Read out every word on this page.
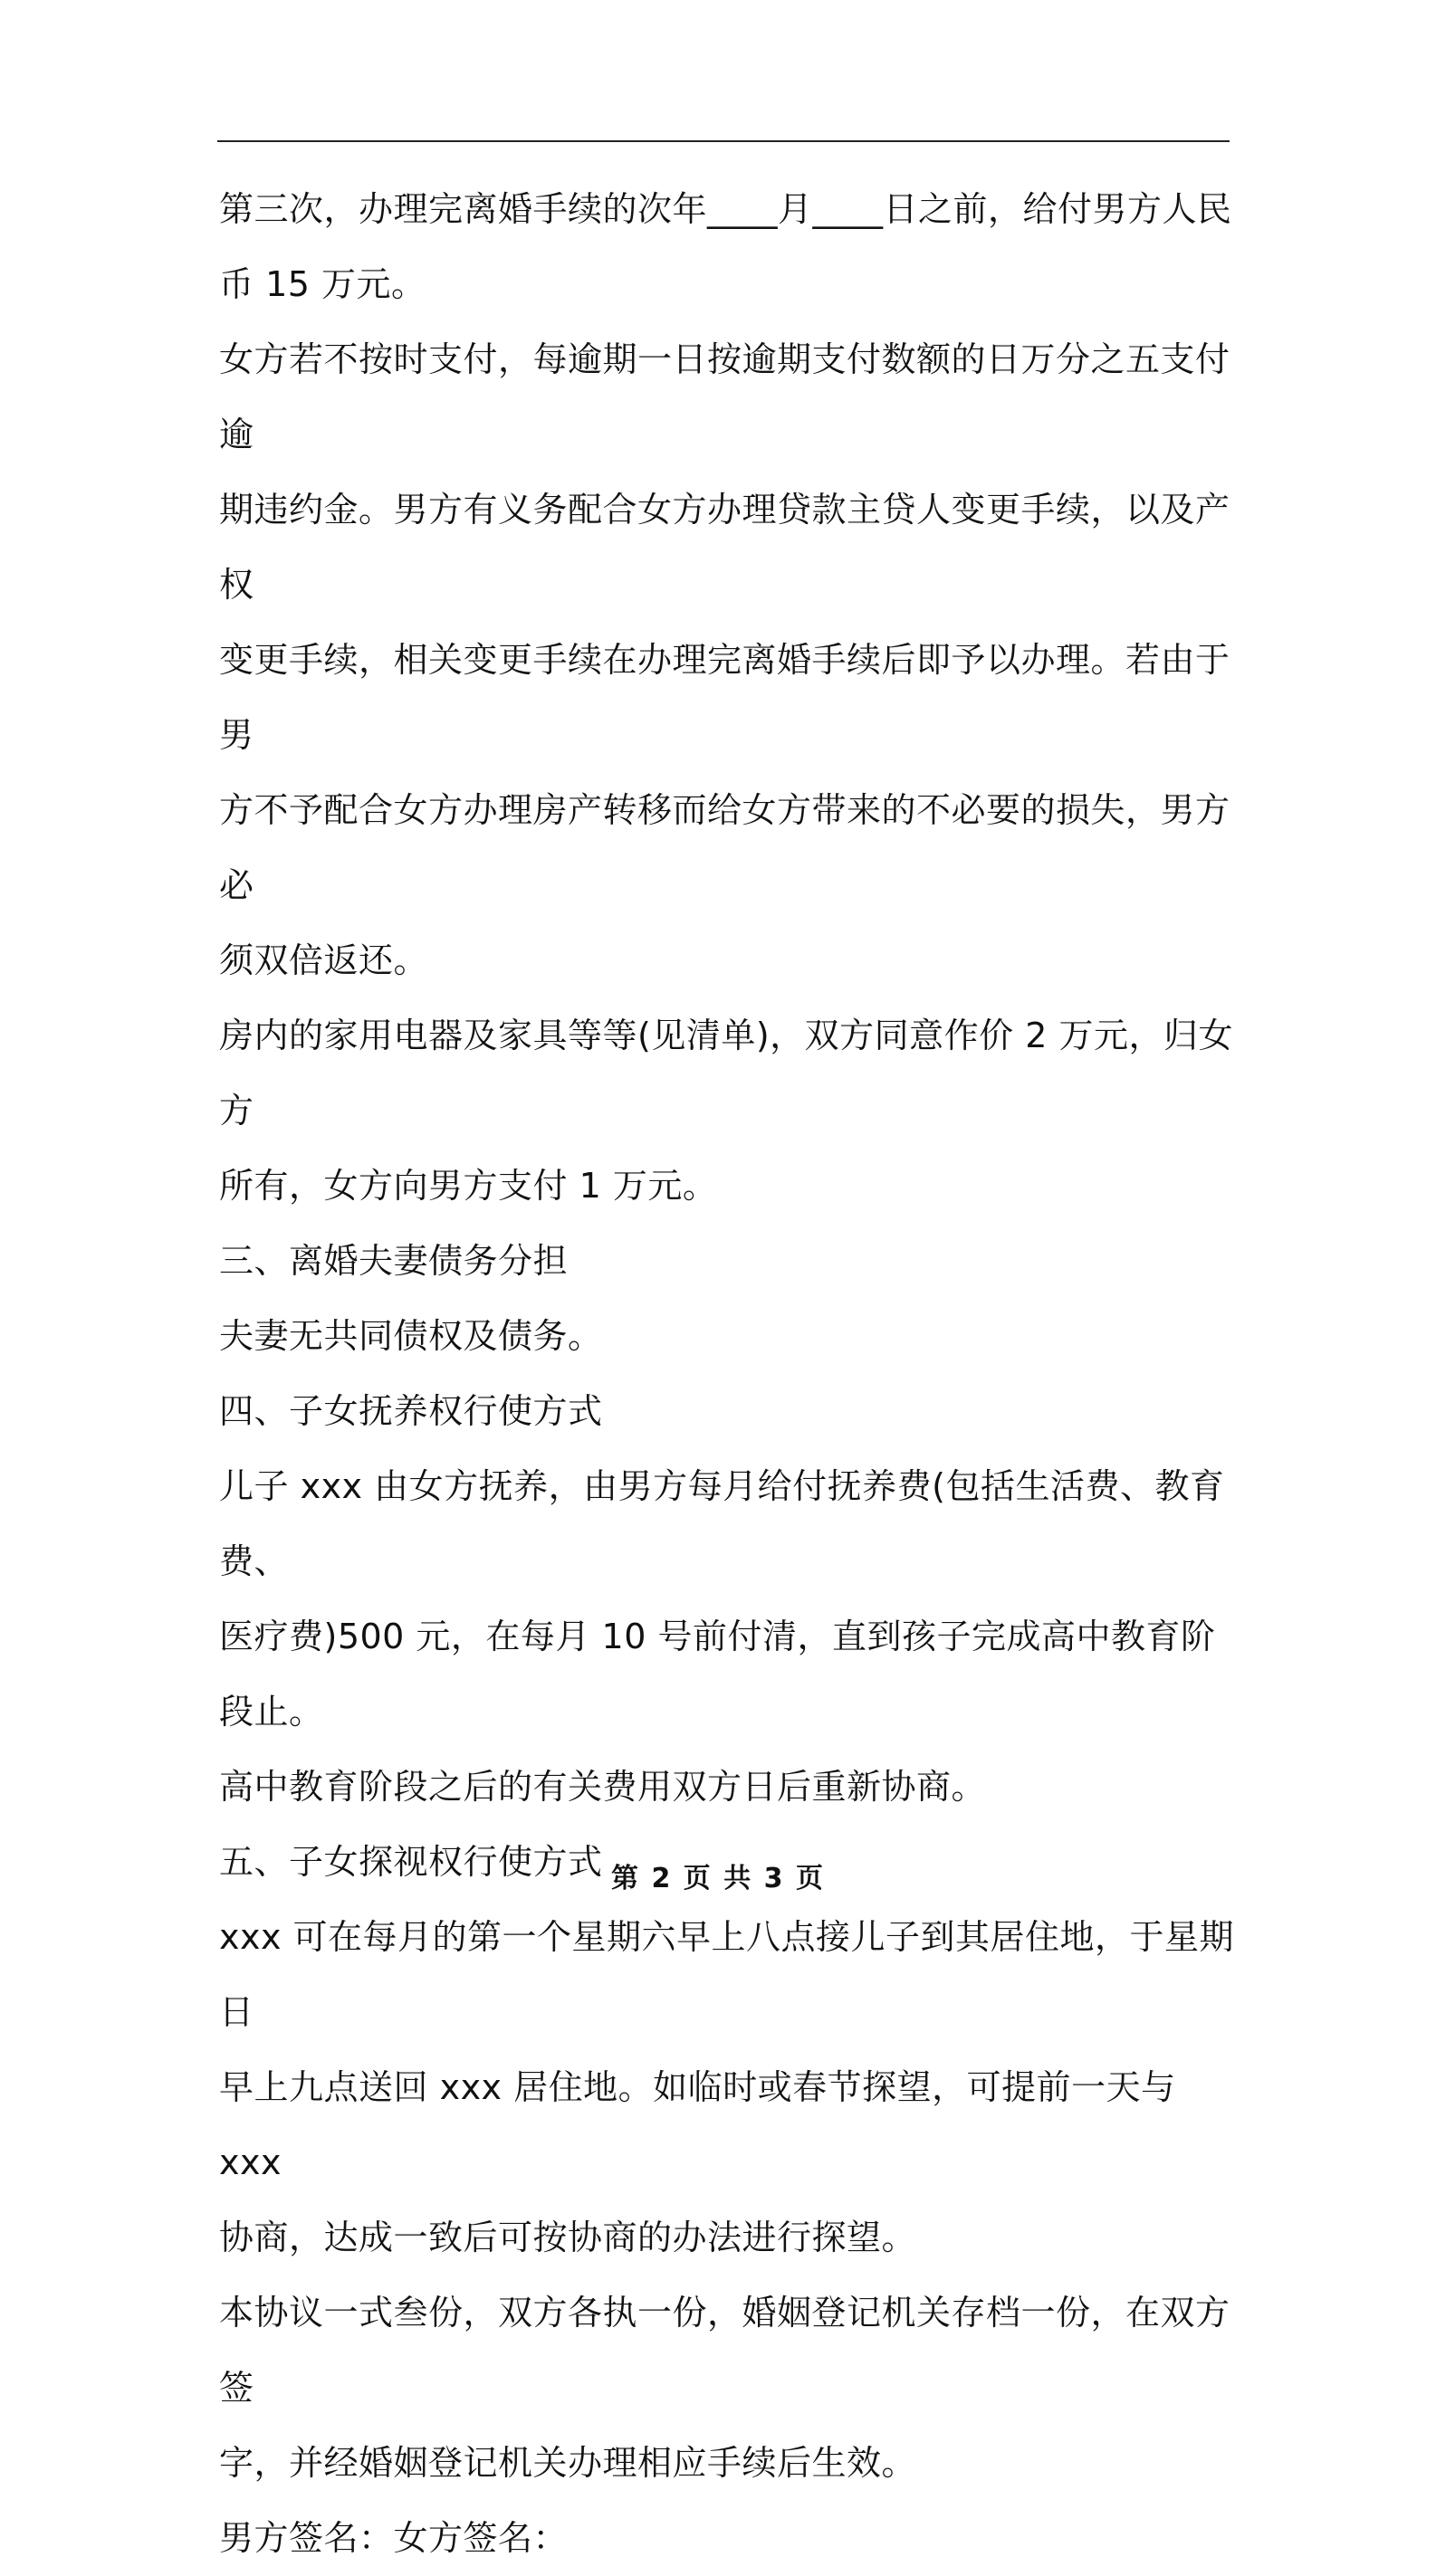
第三次，办理完离婚手续的次年____月____日之前，给付男方人民
币 15 万元。

女方若不按时支付，每逾期一日按逾期支付数额的日万分之五支付逾
期违约金。男方有义务配合女方办理贷款主贷人变更手续，以及产权
变更手续，相关变更手续在办理完离婚手续后即予以办理。若由于男
方不予配合女方办理房产转移而给女方带来的不必要的损失，男方必
须双倍返还。

房内的家用电器及家具等等(见清单)，双方同意作价 2 万元，归女方
所有，女方向男方支付 1 万元。

三、离婚夫妻债务分担

夫妻无共同债权及债务。

四、子女抚养权行使方式

儿子 xxx 由女方抚养，由男方每月给付抚养费(包括生活费、教育费、
医疗费)500 元，在每月 10 号前付清，直到孩子完成高中教育阶段止。

高中教育阶段之后的有关费用双方日后重新协商。

五、子女探视权行使方式

xxx 可在每月的第一个星期六早上八点接儿子到其居住地，于星期日
早上九点送回 xxx 居住地。如临时或春节探望，可提前一天与 xxx
协商，达成一致后可按协商的办法进行探望。

本协议一式叁份，双方各执一份，婚姻登记机关存档一份，在双方签
字，并经婚姻登记机关办理相应手续后生效。

男方签名：女方签名：

第 2 页 共 3 页
